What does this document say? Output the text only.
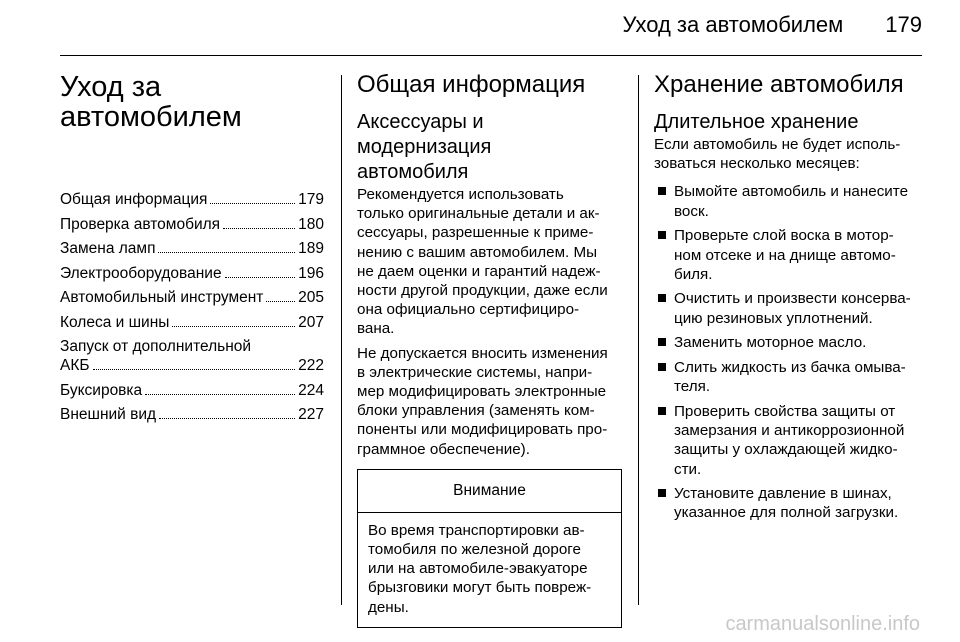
Уход за автомобилем 179
Уход за
автомобилем
Общая информация	179
Проверка автомобиля	180
Замена ламп	189
Электрооборудование	196
Автомобильный инструмент 205
Колеса и шины	207
Запуск от дополнительной
АКБ	222
Буксировка	224
Внешний вид	227
Общая информация
Аксессуары и
модернизация
автомобиля

Рекомендуется использовать
только оригинальные детали и ак-
сессуары, разрешенные к приме-
нению с вашим автомобилем. Мы
не даем оценки и гарантий надеж-
ности другой продукции, даже если
она официально сертифициро-
вана.

Не допускается вносить изменения
в электрические системы, напри-
мер модифицировать электронные
блоки управления (заменять ком-
поненты или модифицировать про-
граммное обеспечение).

Внимание
Во время транспортировки ав-
томобиля по железной дороге
или на автомобиле-эвакуаторе
брызговики могут быть повреж-
дены.
Хранение автомобиля
Длительное хранение

Если автомобиль не будет исполь-
зоваться несколько месяцев:

Вымойте автомобиль и нанесите
воск.
Проверьте слой воска в мотор-
ном отсеке и на днище автомо-
биля.
Очистить и произвести консерва-
цию резиновых уплотнений.
Заменить моторное масло.
Слить жидкость из бачка омыва-
теля.
Проверить свойства защиты от
замерзания и антикоррозионной
защиты у охлаждающей жидко-
сти.
Установите давление в шинах,
указанное для полной загрузки.
carmanualsonline.info
